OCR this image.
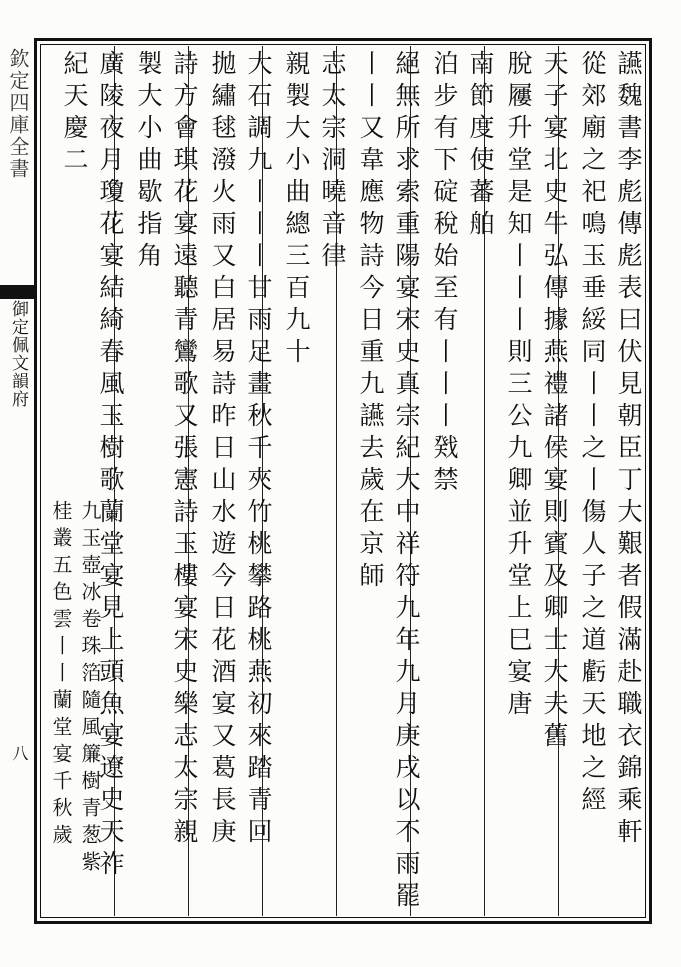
欽定四庫全書
御定佩文韻府
八	讌魏書李彪傳彪表曰伏見朝臣丁大艱者假滿赴職衣錦乘軒
從郊廟之祀鳴玉垂綏同丨丨之丨傷人子之道虧天地之經
天子宴北史牛弘傳據燕禮諸侯宴則賓及卿士大夫舊
脫屨升堂是知丨丨丨則三公九卿並升堂上巳宴唐
南節度使蕃舶
泊步有下碇稅始至有丨丨丨戣禁
絕無所求索重陽宴宋史真宗紀大中祥符九年九月庚戌以不雨罷
丨丨又韋應物詩今日重九讌去歲在京師
志太宗洞曉音律
親製大小曲總三百九十
大石調九丨丨丨甘雨足畫秋千夾竹桃攀路桃燕初來踏青回
拋繡毬潑火雨又白居易詩昨日山水遊今日花酒宴又葛長庚
詩方會琪花宴遠聽青鸞歌又張憲詩玉樓宴宋史樂志太宗親
製大小曲歇指角
廣陵夜月瓊花宴結綺春風玉樹歌蘭堂宴見上頭魚宴遼史天祚
紀天慶二
九玉壺冰卷珠箔隨風簾樹青葱紫
桂叢五色雲丨丨蘭堂宴千秋歲
